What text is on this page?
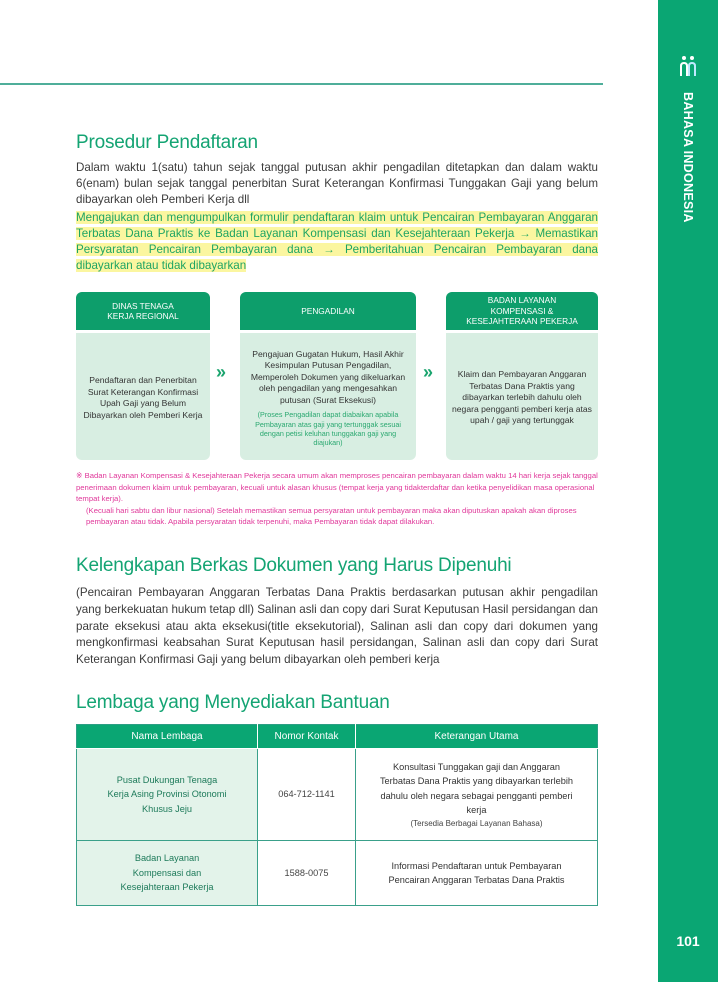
BAHASA INDONESIA
101
Prosedur Pendaftaran

Dalam waktu 1(satu) tahun sejak tanggal putusan akhir pengadilan ditetapkan dan dalam waktu 6(enam) bulan sejak tanggal penerbitan Surat Keterangan Konfirmasi Tunggakan Gaji yang belum dibayarkan oleh Pemberi Kerja dll

Mengajukan dan mengumpulkan formulir pendaftaran klaim untuk Pencairan Pembayaran Anggaran Terbatas Dana Praktis ke Badan Layanan Kompensasi dan Kesejahteraan Pekerja → Memastikan Persyaratan Pencairan Pembayaran dana → Pemberitahuan Pencairan Pembayaran dana dibayarkan atau tidak dibayarkan

DINAS TENAGA
KERJA REGIONAL
Pendaftaran dan Penerbitan Surat Keterangan Konfirmasi Upah Gaji yang Belum Dibayarkan oleh Pemberi Kerja
»
PENGADILAN
Pengajuan Gugatan Hukum, Hasil Akhir Kesimpulan Putusan Pengadilan, Memperoleh Dokumen yang dikeluarkan oleh pengadilan yang mengesahkan putusan (Surat Eksekusi)
(Proses Pengadilan dapat diabaikan apabila Pembayaran atas gaji yang tertunggak sesuai dengan petisi keluhan tunggakan gaji yang diajukan)
»
BADAN LAYANAN
KOMPENSASI &
KESEJAHTERAAN PEKERJA
Klaim dan Pembayaran Anggaran Terbatas Dana Praktis yang dibayarkan terlebih dahulu oleh negara pengganti pemberi kerja atas upah / gaji yang tertunggak
※ Badan Layanan Kompensasi & Kesejahteraan Pekerja secara umum akan memproses pencairan pembayaran dalam waktu 14 hari kerja sejak tanggal penerimaan dokumen klaim untuk pembayaran, kecuali untuk alasan khusus (tempat kerja yang tidakterdaftar dan ketika penyelidikan masa operasional tempat kerja).
(Kecuali hari sabtu dan libur nasional) Setelah memastikan semua persyaratan untuk pembayaran maka akan diputuskan apakah akan diproses pembayaran atau tidak. Apabila persyaratan tidak terpenuhi, maka Pembayaran tidak dapat dilakukan.
Kelengkapan Berkas Dokumen yang Harus Dipenuhi

(Pencairan Pembayaran Anggaran Terbatas Dana Praktis berdasarkan putusan akhir pengadilan yang berkekuatan hukum tetap dll) Salinan asli dan copy dari Surat Keputusan Hasil persidangan dan parate eksekusi atau akta eksekusi(title eksekutorial), Salinan asli dan copy dari dokumen yang mengkonfirmasi keabsahan Surat Keputusan hasil persidangan, Salinan asli dan copy dari Surat Keterangan Konfirmasi Gaji yang belum dibayarkan oleh pemberi kerja

Lembaga yang Menyediakan Bantuan
Nama Lembaga	Nomor Kontak	Keterangan Utama

Pusat Dukungan Tenaga Kerja Asing Provinsi Otonomi Khusus Jeju	064-712-1141	Konsultasi Tunggakan gaji dan Anggaran Terbatas Dana Praktis yang dibayarkan terlebih dahulu oleh negara sebagai pengganti pemberi kerja
(Tersedia Berbagai Layanan Bahasa)

Badan Layanan Kompensasi dan Kesejahteraan Pekerja	1588-0075	Informasi Pendaftaran untuk Pembayaran Pencairan Anggaran Terbatas Dana Praktis
